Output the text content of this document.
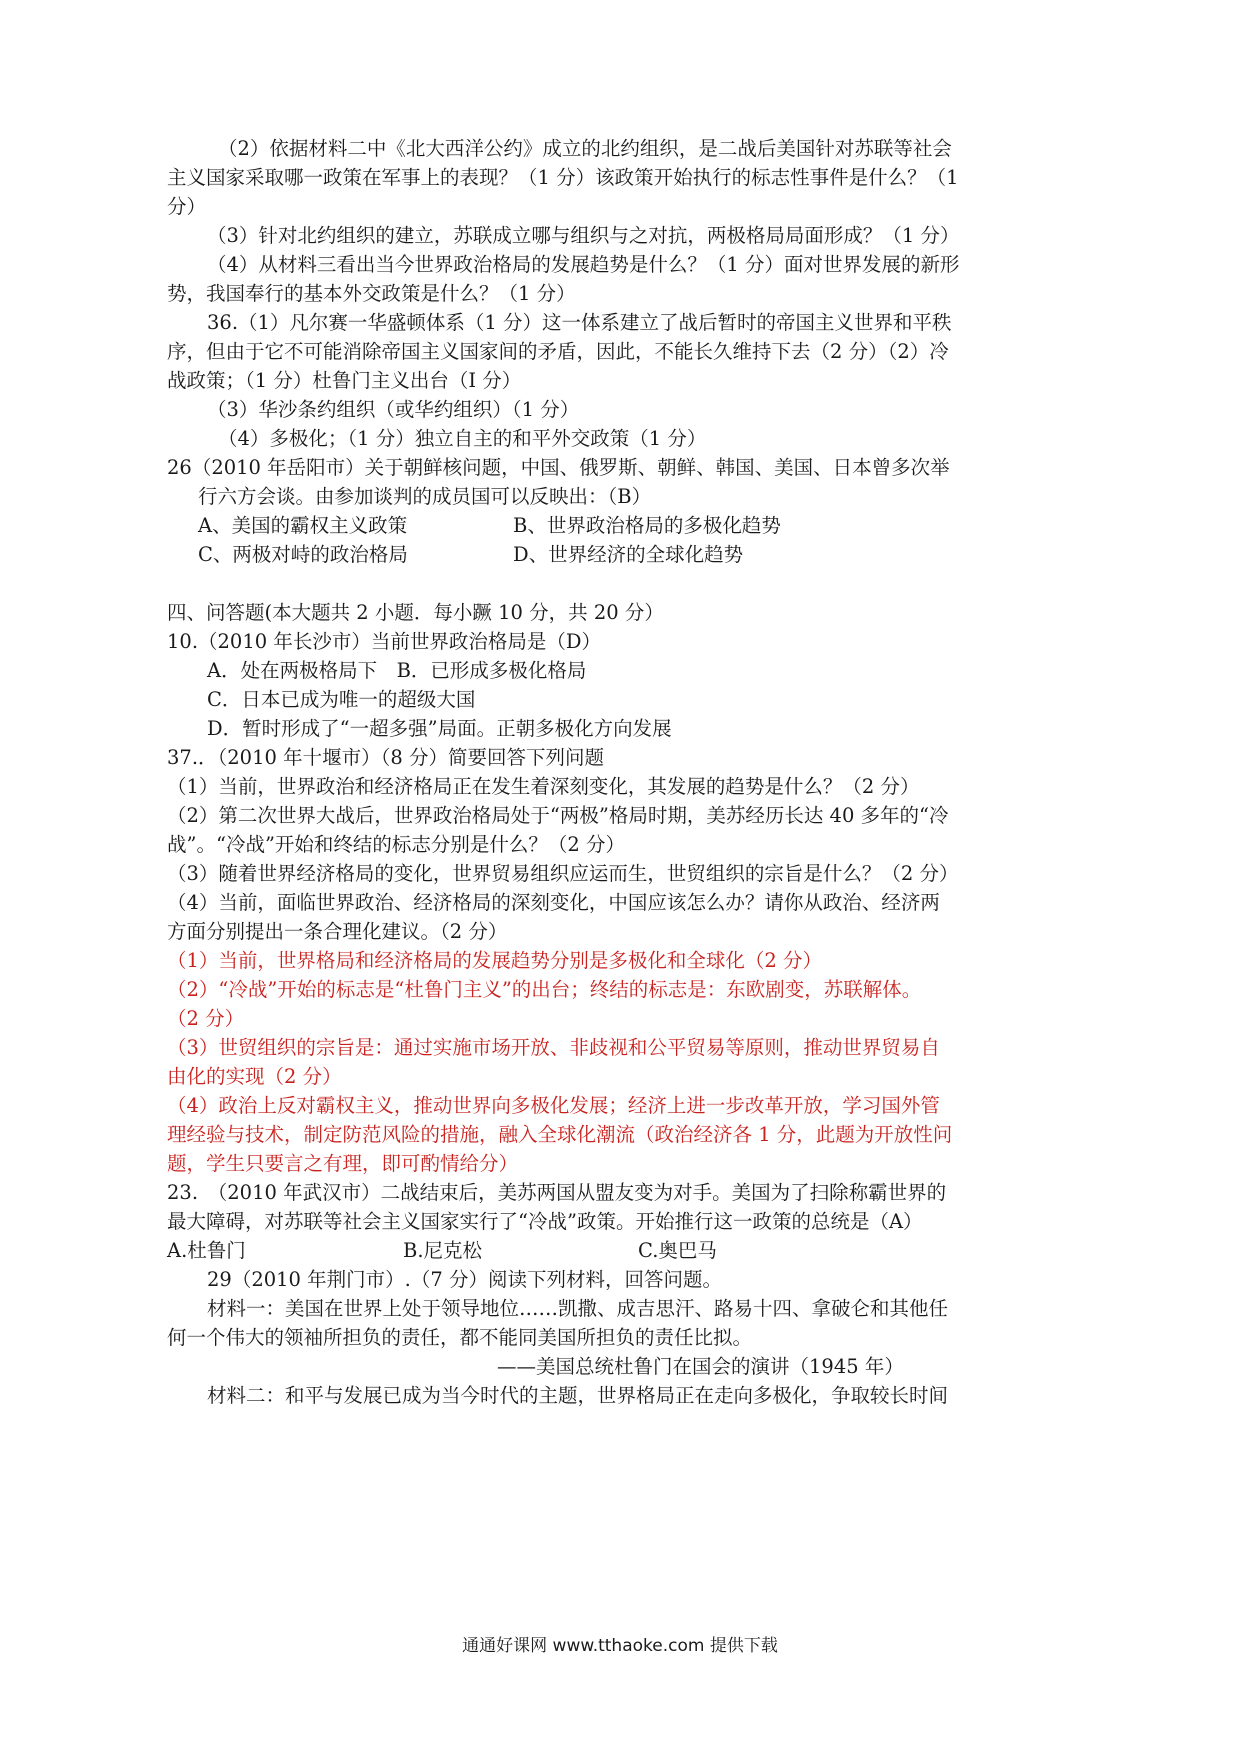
（2）依据材料二中《北大西洋公约》成立的北约组织，是二战后美国针对苏联等社会
主义国家采取哪一政策在军事上的表现？（1 分）该政策开始执行的标志性事件是什么？（1
分）
（3）针对北约组织的建立，苏联成立哪与组织与之对抗，两极格局局面形成？（1 分）
（4）从材料三看出当今世界政治格局的发展趋势是什么？（1 分）面对世界发展的新形
势，我国奉行的基本外交政策是什么？（1 分）
36.（1）凡尔赛一华盛顿体系（1 分）这一体系建立了战后暂时的帝国主义世界和平秩
序，但由于它不可能消除帝国主义国家间的矛盾，因此，不能长久维持下去（2 分）（2）冷
战政策；（1 分）杜鲁门主义出台（I 分）
（3）华沙条约组织（或华约组织）（1 分）
（4）多极化；（1 分）独立自主的和平外交政策（1 分）
26（2010 年岳阳市）关于朝鲜核问题，中国、俄罗斯、朝鲜、韩国、美国、日本曾多次举
行六方会谈。由参加谈判的成员国可以反映出：（B）
A、美国的霸权主义政策	B、世界政治格局的多极化趋势
C、两极对峙的政治格局	D、世界经济的全球化趋势
四、问答题(本大题共 2 小题．每小蹶 10 分，共 20 分）
10.（2010 年长沙市）当前世界政治格局是（D）
A．处在两极格局下　B．已形成多极化格局
C．日本已成为唯一的超级大国
D．暂时形成了“一超多强”局面。正朝多极化方向发展
37.．（2010 年十堰市）（8 分）简要回答下列问题
（1）当前，世界政治和经济格局正在发生着深刻变化，其发展的趋势是什么？（2 分）
（2）第二次世界大战后，世界政治格局处于“两极”格局时期，美苏经历长达 40 多年的“冷
战”。“冷战”开始和终结的标志分别是什么？（2 分）
（3）随着世界经济格局的变化，世界贸易组织应运而生，世贸组织的宗旨是什么？（2 分）
（4）当前，面临世界政治、经济格局的深刻变化，中国应该怎么办？请你从政治、经济两
方面分别提出一条合理化建议。（2 分）
（1）当前，世界格局和经济格局的发展趋势分别是多极化和全球化（2 分）
（2）“冷战”开始的标志是“杜鲁门主义”的出台；终结的标志是：东欧剧变，苏联解体。
（2 分）
（3）世贸组织的宗旨是：通过实施市场开放、非歧视和公平贸易等原则，推动世界贸易自
由化的实现（2 分）
（4）政治上反对霸权主义，推动世界向多极化发展；经济上进一步改革开放，学习国外管
理经验与技术，制定防范风险的措施，融入全球化潮流（政治经济各 1 分，此题为开放性问
题，学生只要言之有理，即可酌情给分）
23.　（2010 年武汉市）二战结束后，美苏两国从盟友变为对手。美国为了扫除称霸世界的
最大障碍，对苏联等社会主义国家实行了“冷战”政策。开始推行这一政策的总统是（A）
A.杜鲁门	B.尼克松	C.奥巴马
29（2010 年荆门市）.（7 分）阅读下列材料，回答问题。
材料一：美国在世界上处于领导地位……凯撒、成吉思汗、路易十四、拿破仑和其他任
何一个伟大的领袖所担负的责任，都不能同美国所担负的责任比拟。
——美国总统杜鲁门在国会的演讲（1945 年）
材料二：和平与发展已成为当今时代的主题，世界格局正在走向多极化，争取较长时间
通通好课网 www.tthaoke.com 提供下载
